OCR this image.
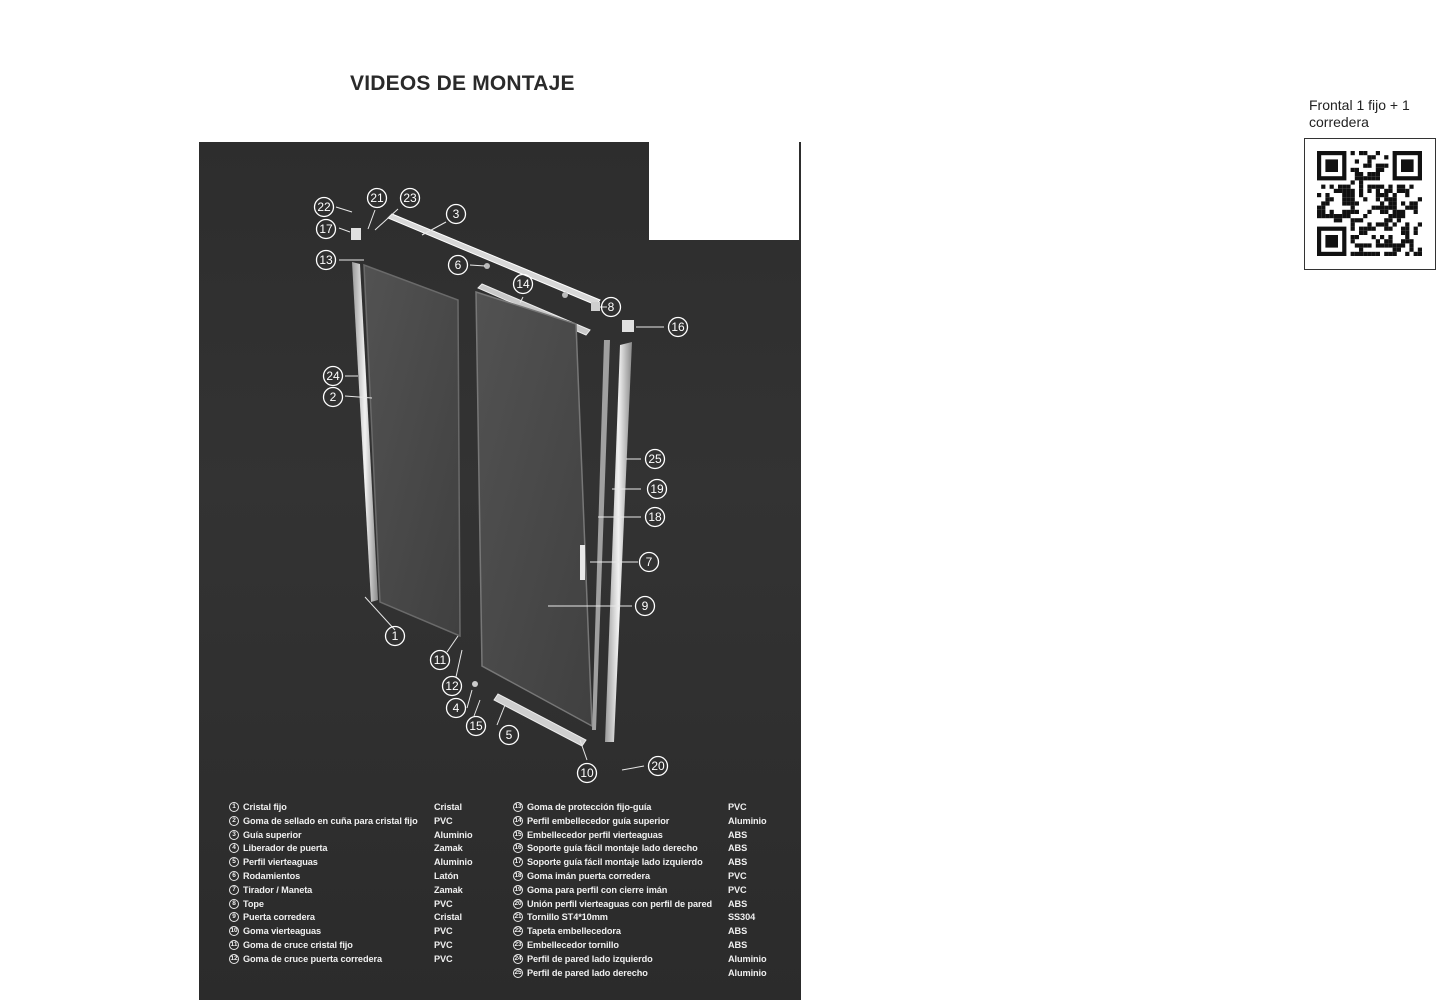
VIDEOS DE MONTAJE
Frontal 1 fijo + 1 corredera
1
2
3
4
5
6
7
8
9
10
11
12
13
14
15
16
17
18
19
20
21
22
23
24
25
1 Cristal fijo	Cristal
2 Goma de sellado en cuña para cristal fijo PVC
3 Guía superior	Aluminio
4 Liberador de puerta	Zamak
5 Perfil vierteaguas	Aluminio
6 Rodamientos	Latón
7 Tirador / Maneta	Zamak
8 Tope	PVC
9 Puerta corredera	Cristal
10 Goma vierteaguas	PVC
11 Goma de cruce cristal fijo	PVC
12 Goma de cruce puerta corredera	PVC
13 Goma de protección fijo-guía	PVC
14 Perfil embellecedor guía superior	Aluminio
15 Embellecedor perfil vierteaguas	ABS
16 Soporte guía fácil montaje lado derecho	ABS
17 Soporte guía fácil montaje lado izquierdo	ABS
18 Goma imán puerta corredera	PVC
19 Goma para perfil con cierre imán	PVC
20 Unión perfil vierteaguas con perfil de pared ABS
21 Tornillo ST4*10mm	SS304
22 Tapeta embellecedora	ABS
23 Embellecedor tornillo	ABS
24 Perfil de pared lado izquierdo	Aluminio
25 Perfil de pared lado derecho	Aluminio
